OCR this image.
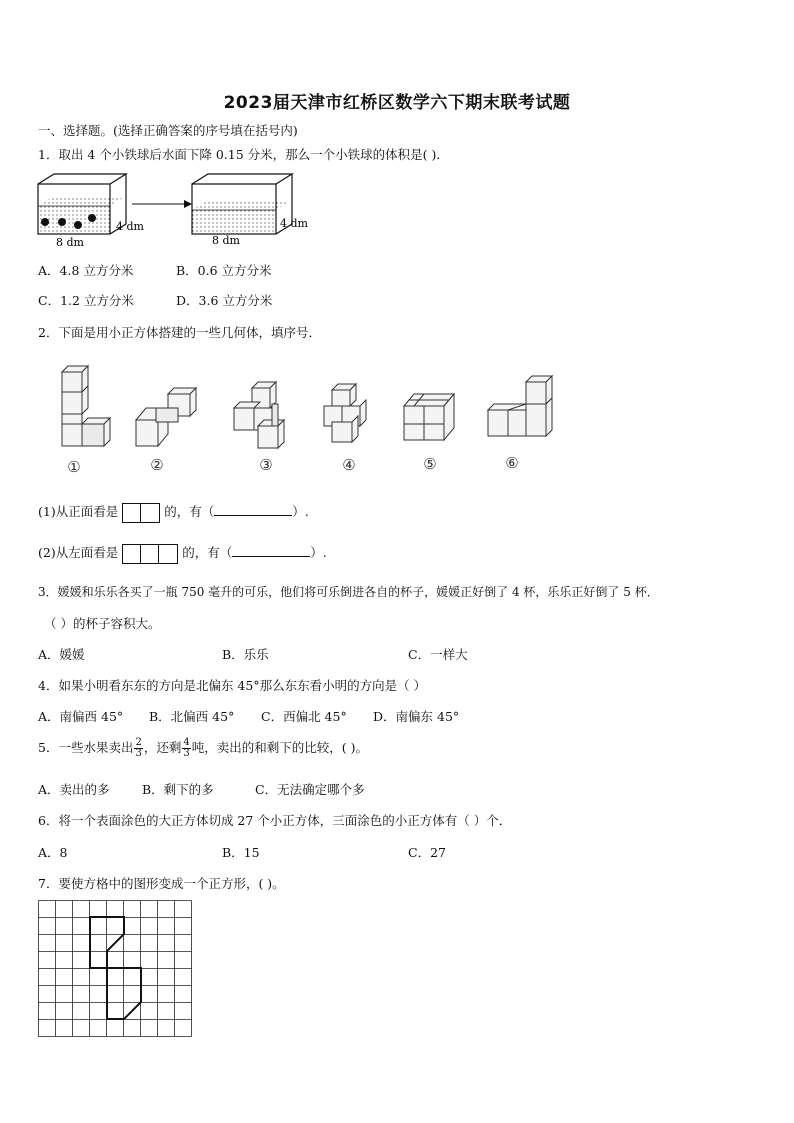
2023届天津市红桥区数学六下期末联考试题
一、选择题。(选择正确答案的序号填在括号内)
1．取出 4 个小铁球后水面下降 0.15 分米，那么一个小铁球的体积是( )．
4 dm
8 dm
4 dm
8 dm
A．4.8 立方分米	B．0.6 立方分米
C．1.2 立方分米	D．3.6 立方分米
2．下面是用小正方体搭建的一些几何体，填序号．
①	②	③	④	⑤	⑥
(1)从正面看是	的，有（	）.
(2)从左面看是	的，有（	）.
3．媛媛和乐乐各买了一瓶 750 毫升的可乐，他们将可乐倒进各自的杯子，媛媛正好倒了 4 杯，乐乐正好倒了 5 杯．
（ ）的杯子容积大。
A．媛媛	B．乐乐	C．一样大
4．如果小明看东东的方向是北偏东 45°那么东东看小明的方向是（ ）
A．南偏西 45° B．北偏西 45° C．西偏北 45° D．南偏东 45°
5．一些水果卖出 $\frac{2}{3}$ ，还剩 $\frac{4}{3}$ 吨，卖出的和剩下的比较，( )。
A．卖出的多	B．剩下的多	C．无法确定哪个多
6．将一个表面涂色的大正方体切成 27 个小正方体，三面涂色的小正方体有（ ）个．
A．8	B．15	C．27
7．要使方格中的图形变成一个正方形，( )。
